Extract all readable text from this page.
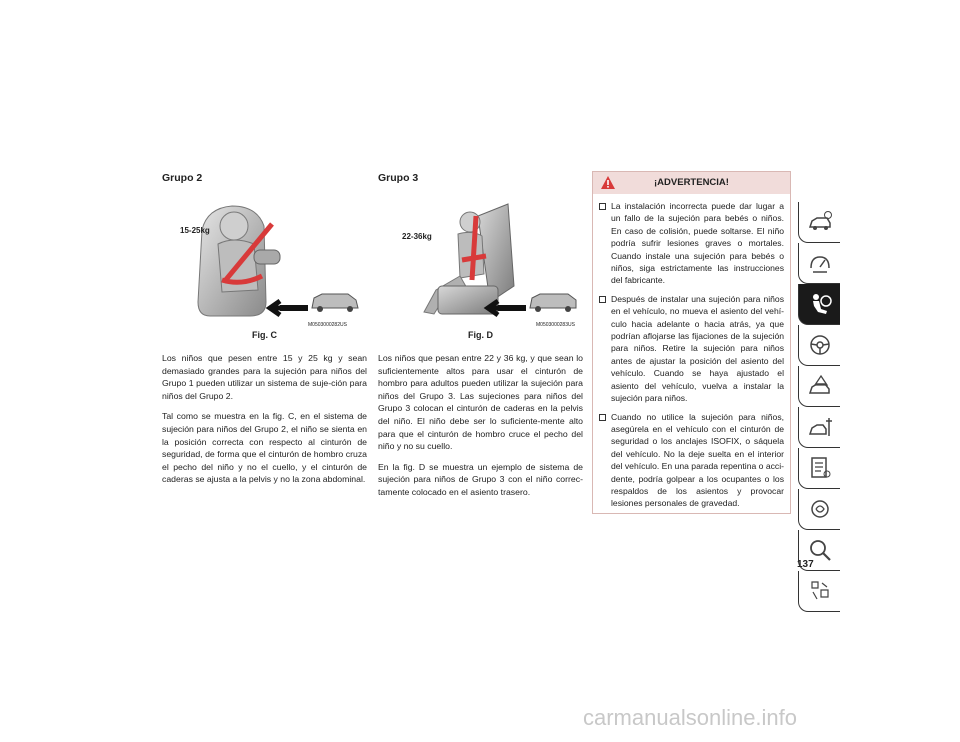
Grupo 2
15-25kg
M0503000282US
Fig. C

Los niños que pesen entre 15 y 25 kg y sean demasiado grandes para la sujeción para niños del Grupo 1 pueden utilizar un sistema de suje-ción para niños del Grupo 2.

Tal como se muestra en la fig. C, en el sistema de sujeción para niños del Grupo 2, el niño se sienta en la posición correcta con respecto al cinturón de seguridad, de forma que el cinturón de hombro cruza el pecho del niño y no el cuello, y el cinturón de caderas se ajusta a la pelvis y no la zona abdominal.

Grupo 3
22-36kg
M0503000283US
Fig. D

Los niños que pesan entre 22 y 36 kg, y que sean lo suficientemente altos para usar el cinturón de hombro para adultos pueden utilizar la sujeción para niños del Grupo 3. Las sujeciones para niños del Grupo 3 colocan el cinturón de caderas en la pelvis del niño. El niño debe ser lo suficiente-mente alto para que el cinturón de hombro cruce el pecho del niño y no su cuello.

En la fig. D se muestra un ejemplo de sistema de sujeción para niños de Grupo 3 con el niño correc-tamente colocado en el asiento trasero.

¡ADVERTENCIA!
La instalación incorrecta puede dar lugar a un fallo de la sujeción para bebés o niños. En caso de colisión, puede soltarse. El niño podría sufrir lesiones graves o mortales. Cuando instale una sujeción para bebés o niños, siga estrictamente las instrucciones del fabricante.
Después de instalar una sujeción para niños en el vehículo, no mueva el asiento del vehí-culo hacia adelante o hacia atrás, ya que podrían aflojarse las fijaciones de la sujeción para niños. Retire la sujeción para niños antes de ajustar la posición del asiento del vehículo. Cuando se haya ajustado el asiento del vehículo, vuelva a instalar la sujeción para niños.
Cuando no utilice la sujeción para niños, asegúrela en el vehículo con el cinturón de seguridad o los anclajes ISOFIX, o sáquela del vehículo. No la deje suelta en el interior del vehículo. En una parada repentina o acci-dente, podría golpear a los ocupantes o los respaldos de los asientos y provocar lesiones personales de gravedad.
137
carmanualsonline.info
